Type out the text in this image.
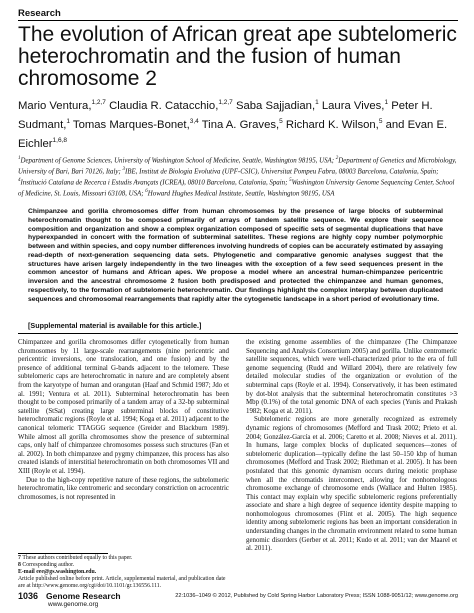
Research
The evolution of African great ape subtelomeric heterochromatin and the fusion of human chromosome 2
Mario Ventura,$^{1,2,7}$ Claudia R. Catacchio,$^{1,2,7}$ Saba Sajjadian,$^1$ Laura Vives,$^1$ Peter H. Sudmant,$^1$ Tomas Marques-Bonet,$^{3,4}$ Tina A. Graves,$^5$ Richard K. Wilson,$^5$ and Evan E. Eichler$^{1,6,8}$
$^1$Department of Genome Sciences, University of Washington School of Medicine, Seattle, Washington 98195, USA; $^2$Department of Genetics and Microbiology, University of Bari, Bari 70126, Italy; $^3$IBE, Institut de Biologia Evolutiva (UPF-CSIC), Universitat Pompeu Fabra, 08003 Barcelona, Catalonia, Spain; $^4$Institució Catalana de Recerca i Estudis Avançats (ICREA), 08010 Barcelona, Catalonia, Spain; $^5$Washington University Genome Sequencing Center, School of Medicine, St. Louis, Missouri 63108, USA; $^6$Howard Hughes Medical Institute, Seattle, Washington 98195, USA

Chimpanzee and gorilla chromosomes differ from human chromosomes by the presence of large blocks of subterminal heterochromatin thought to be composed primarily of arrays of tandem satellite sequence. We explore their sequence composition and organization and show a complex organization composed of specific sets of segmental duplications that have hyperexpanded in concert with the formation of subterminal satellites. These regions are highly copy number polymorphic between and within species, and copy number differences involving hundreds of copies can be accurately estimated by assaying read-depth of next-generation sequencing data sets. Phylogenetic and comparative genomic analyses suggest that the structures have arisen largely independently in the two lineages with the exception of a few seed sequences present in the common ancestor of humans and African apes. We propose a model where an ancestral human-chimpanzee pericentric inversion and the ancestral chromosome 2 fusion both predisposed and protected the chimpanzee and human genomes, respectively, to the formation of subtelomeric heterochromatin. Our findings highlight the complex interplay between duplicated sequences and chromosomal rearrangements that rapidly alter the cytogenetic landscape in a short period of evolutionary time.

[Supplemental material is available for this article.]

Chimpanzee and gorilla chromosomes differ cytogenetically from human chromosomes by 11 large-scale rearrangements (nine pericentric and pericentric inversions, one translocation, and one fusion) and by the presence of additional terminal G-bands adjacent to the telomere. These subtelomeric caps are heterochromatic in nature and are completely absent from the karyotype of human and orangutan (Haaf and Schmid 1987; Jdo et al. 1991; Ventura et al. 2011). Subterminal heterochromatin has been thought to be composed primarily of a tandem array of a 32-bp subterminal satellite (StSat) creating large subterminal blocks of constitutive heterochromatic regions (Royle et al. 1994; Koga et al. 2011) adjacent to the canonical telomeric TTAGGG sequence (Greider and Blackburn 1989). While almost all gorilla chromosomes show the presence of subterminal caps, only half of chimpanzee chromosomes possess such structures (Fan et al. 2002). In both chimpanzee and pygmy chimpanzee, this process has also created islands of interstitial heterochromatin on both chromosomes VII and XIII (Royle et al. 1994).

Due to the high-copy repetitive nature of these regions, the subtelomeric heterochromatin, like centromeric and secondary constriction on acrocentric chromosomes, is not represented in

7 These authors contributed equally to this paper.
8 Corresponding author.
E-mail eee@gs.washington.edu.
Article published online before print. Article, supplemental material, and publication date are at http://www.genome.org/cgi/doi/10.1101/gr.136556.111.

the existing genome assemblies of the chimpanzee (The Chimpanzee Sequencing and Analysis Consortium 2005) and gorilla. Unlike centromeric satellite sequences, which were well-characterized prior to the era of full genome sequencing (Rudd and Willard 2004), there are relatively few detailed molecular studies of the organization or evolution of the subterminal caps (Royle et al. 1994). Conservatively, it has been estimated by dot-blot analysis that the subterminal heterochromatin constitutes >3 Mbp (0.1%) of the total genomic DNA of each species (Yunis and Prakash 1982; Koga et al. 2011).

Subtelomeric regions are more generally recognized as extremely dynamic regions of chromosomes (Mefford and Trask 2002; Prieto et al. 2004; González-García et al. 2006; Caretto et al. 2008; Nieves et al. 2011). In humans, large complex blocks of duplicated sequences—zones of subtelomeric duplication—typically define the last 50–150 kbp of human chromosomes (Mefford and Trask 2002; Riethman et al. 2005). It has been postulated that this genomic dynamism occurs during meiotic prophase when all the chromatids interconnect, allowing for nonhomologous chromosome exchange of chromosome ends (Wallace and Hulten 1985). This contact may explain why specific subtelomeric regions preferentially associate and share a high degree of sequence identity despite mapping to nonhomologous chromosomes (Flint et al. 2005). The high sequence identity among subtelomeric regions has been an important consideration in understanding changes in the chromatin environment related to some human genomic disorders (Gerber et al. 2011; Kudo et al. 2011; van der Maarel et al. 2011).

1036 Genome Research
www.genome.org
22:1036–1049 © 2012, Published by Cold Spring Harbor Laboratory Press; ISSN 1088-9051/12; www.genome.org
